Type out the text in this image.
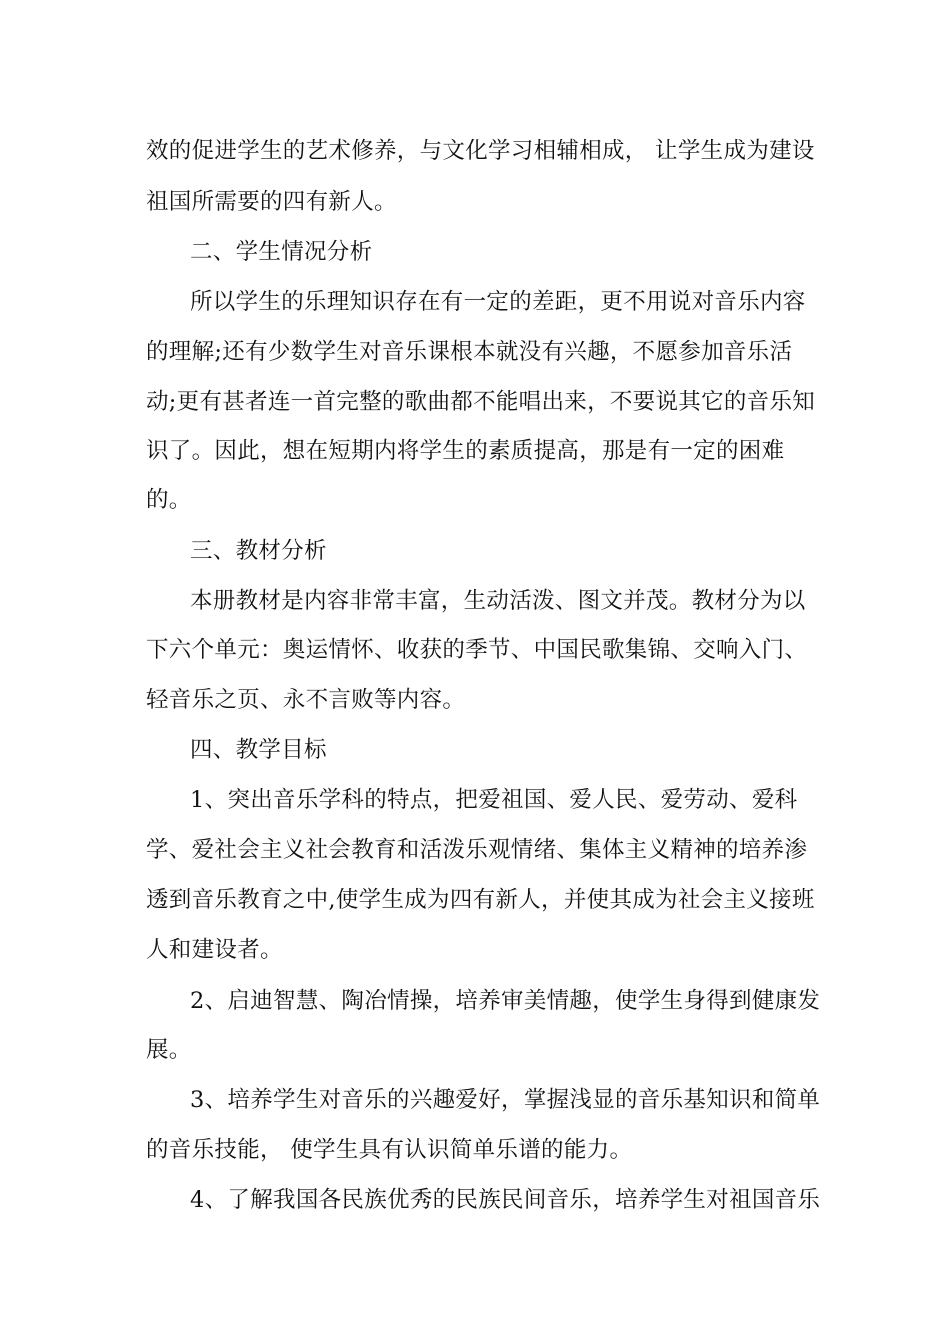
效的促进学生的艺术修养，与文化学习相辅相成， 让学生成为建设
祖国所需要的四有新人。
二、学生情况分析
所以学生的乐理知识存在有一定的差距，更不用说对音乐内容
的理解;还有少数学生对音乐课根本就没有兴趣，不愿参加音乐活
动;更有甚者连一首完整的歌曲都不能唱出来，不要说其它的音乐知
识了。因此，想在短期内将学生的素质提高，那是有一定的困难
的。
三、教材分析
本册教材是内容非常丰富，生动活泼、图文并茂。教材分为以
下六个单元：奥运情怀、收获的季节、中国民歌集锦、交响入门、
轻音乐之页、永不言败等内容。
四、教学目标
1、突出音乐学科的特点，把爱祖国、爱人民、爱劳动、爱科
学、爱社会主义社会教育和活泼乐观情绪、集体主义精神的培养渗
透到音乐教育之中,使学生成为四有新人，并使其成为社会主义接班
人和建设者。
2、启迪智慧、陶冶情操，培养审美情趣，使学生身得到健康发
展。
3、培养学生对音乐的兴趣爱好，掌握浅显的音乐基知识和简单
的音乐技能， 使学生具有认识简单乐谱的能力。
4、了解我国各民族优秀的民族民间音乐，培养学生对祖国音乐
